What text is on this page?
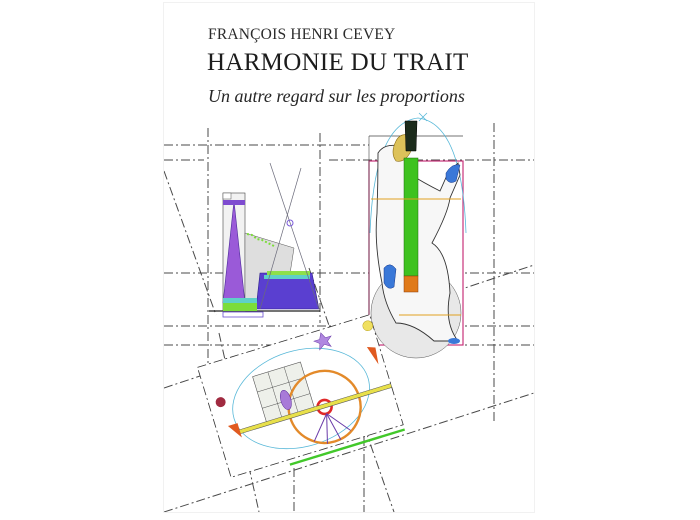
FRANÇOIS HENRI CEVEY
HARMONIE DU TRAIT
Un autre regard sur les proportions
